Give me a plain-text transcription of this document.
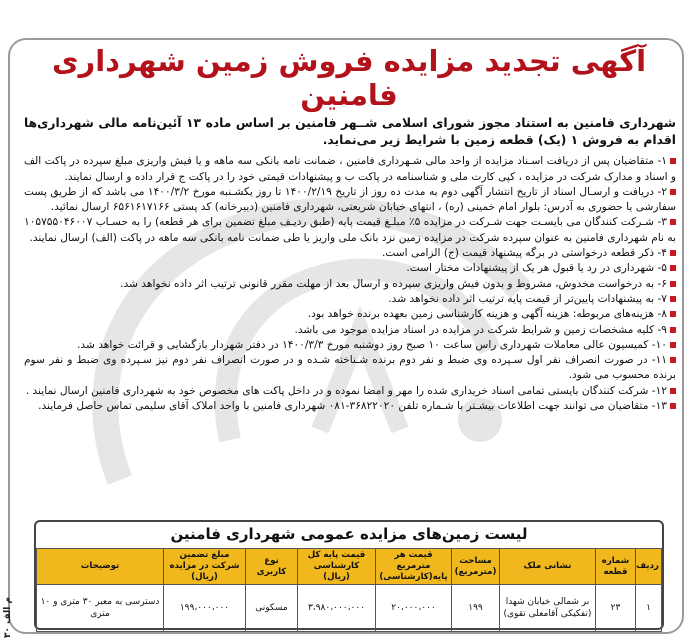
آگهی تجدید مزایده فروش زمین شهرداری فامنین

شهرداری فامنین به استناد مجوز شورای اسلامی شــهر فامنین بر اساس ماده ۱۳ آئین‌نامه مالی شهرداری‌ها اقدام به فروش ۱ (یک) قطعه زمین با شرایط زیر می‌نماید.

۱- متقاضیان پس از دریافت اسـناد مزایده از واحد مالی شـهرداری فامنین ، ضمانت نامه بانکی سه ماهه و یا فیش واریزی مبلغ سپرده در پاکت الف و اسناد و مدارک شرکت در مزایده ، کپی کارت ملی و شناسنامه در پاکت ب و پیشنهادات قیمتی خود را در پاکت ج قرار داده و ارسال نمایند.

۲- دریافت و ارسـال اسناد از تاریخ انتشار آگهی دوم به مدت ده روز از تاریخ ۱۴۰۰/۲/۱۹ تا روز یکشـنبه مورخ ۱۴۰۰/۳/۲ می باشد که از طریق پست سفارشی یا حضوری به آدرس: بلوار امام خمینی (ره) ، انتهای خیابان شریعتی، شهرداری فامنین (دبیرخانه) کد پستی ۶۵۶۱۶۱۷۱۶۶ ارسال نمائید.

۳- شـرکت کنندگان می بایسـت جهت شـرکت در مزایده ۵٪ مبلـغ قیمت پایه (طبق ردیـف مبلغ تضمین برای هر قطعه) را به حسـاب ۱۰۵۷۵۵۰۴۶۰۰۷ به نام شهرداری فامنین به عنوان سپرده شرکت در مزایده زمین نزد بانک ملی واریز یا طی ضمانت نامه بانکی سه ماهه در پاکت (الف) ارسال نمایند.

۴- ذکر قطعه درخواستی در برگه پیشنهاد قیمت (ج) الزامی است.

۵- شهرداری در رد یا قبول هر یک از پیشنهادات مختار است.

۶- به درخواست مخدوش، مشروط و بدون فیش واریزی سپرده و ارسال بعد از مهلت مقرر قانونی ترتیب اثر داده نخواهد شد.

۷- به پیشنهادات پایین‌تر از قیمت پایه ترتیب اثر داده نخواهد شد.

۸- هزینه‌های مربوطه: هزینه آگهی و هزینه کارشناسی زمین بعهده برنده خواهد بود.

۹- کلیه مشخصات زمین و شرایط شرکت در مزایده در اسناد مزایده موجود می باشد.

۱۰- کمیسیون عالی معاملات شهرداری راس ساعت ۱۰ صبح روز دوشنبه مورخ ۱۴۰۰/۳/۳ در دفتر شهردار بازگشایی و قرائت خواهد شد.

۱۱- در صورت انصراف نفر اول سـپرده وی ضبط و نفر دوم برنده شـناخته شـده و در صورت انصراف نفر دوم نیز سـپرده وی ضبط و نفر سوم برنده محسوب می شود.

۱۲- شرکت کنندگان بایستی تمامی اسناد خریداری شده را مهر و امضا نموده و در داخل پاکت های مخصوص خود به شهرداری فامنین ارسال نمایند .

۱۳- متقاضیان می توانند جهت اطلاعات بیشـتر با شـماره تلفن ۳۶۸۲۲۰۲۰-۰۸۱ شهرداری فامنین با واحد املاک آقای سلیمی تماس حاصل فرمایند.

لیست زمین‌های مزایده عمومی شهرداری فامنین
ردیف	شماره قطعه	نشانی ملک	مساحت (مترمربع)	قیمت هر مترمربع پایه(کارشناسی)	قیمت پایه کل کارشناسی (ریال)	نوع کاربری	مبلغ تضمین شرکت در مزایده (ریال)	توضیحات
۱	۲۳	بر شمالی خیابان شهدا (تفکیکی آقامعلی تقوی)	۱۹۹	۲۰،۰۰۰،۰۰۰	۳،۹۸۰،۰۰۰،۰۰۰	مسکونی	۱۹۹،۰۰۰،۰۰۰	دسترسی به معبر ۳۰ متری و ۱۰ متری
م الف ۳۰
